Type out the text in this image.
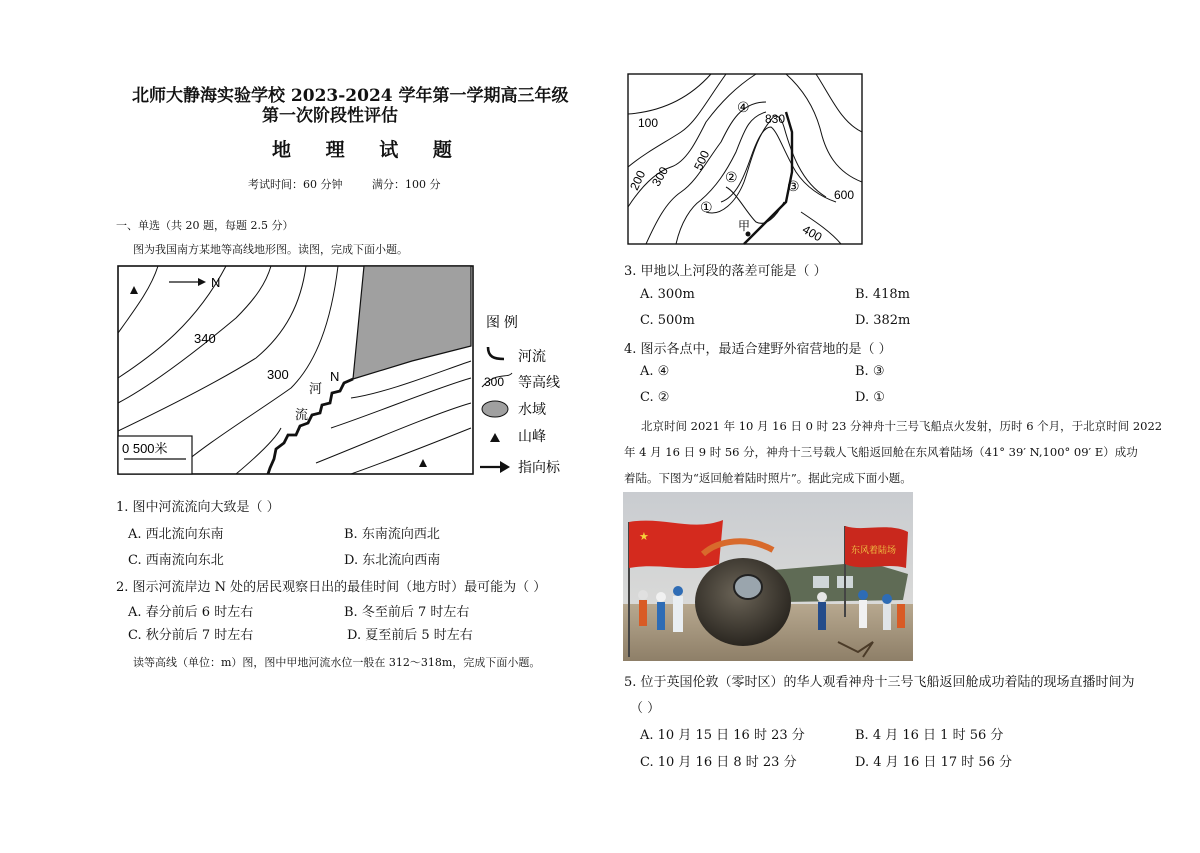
北师大静海实验学校 2023-2024 学年第一学期高三年级
第一次阶段性评估
地 理 试 题
考试时间：60 分钟	满分：100 分
一、单选（共 20 题，每题 2.5 分）
图为我国南方某地等高线地形图。读图，完成下面小题。
0 500米
N
340
300	N
河
流
图 例
河流
300 等高线
水域
山峰
指向标
1. 图中河流流向大致是（ ）
A. 西北流向东南	B. 东南流向西北
C. 西南流向东北	D. 东北流向西南
2. 图示河流岸边 N 处的居民观察日出的最佳时间（地方时）最可能为（ ）
A. 春分前后 6 时左右	B. 冬至前后 7 时左右
C. 秋分前后 7 时左右	D. 夏至前后 5 时左右
读等高线（单位：m）图，图中甲地河流水位一般在 312～318m，完成下面小题。
100
200 300
400
500
600
830
①
②
③
④
甲
3. 甲地以上河段的落差可能是（ ）
A. 300m	B. 418m
C. 500m	D. 382m
4. 图示各点中，最适合建野外宿营地的是（ ）
A. ④	B. ③
C. ②	D. ①
北京时间 2021 年 10 月 16 日 0 时 23 分神舟十三号飞船点火发射，历时 6 个月，于北京时间 2022
年 4 月 16 日 9 时 56 分，神舟十三号载人飞船返回舱在东风着陆场（41° 39′ N,100° 09′ E）成功
着陆。下图为“返回舱着陆时照片”。据此完成下面小题。
★
东风着陆场
5. 位于英国伦敦（零时区）的华人观看神舟十三号飞船返回舱成功着陆的现场直播时间为
（ ）
A. 10 月 15 日 16 时 23 分	B. 4 月 16 日 1 时 56 分
C. 10 月 16 日 8 时 23 分	D. 4 月 16 日 17 时 56 分
